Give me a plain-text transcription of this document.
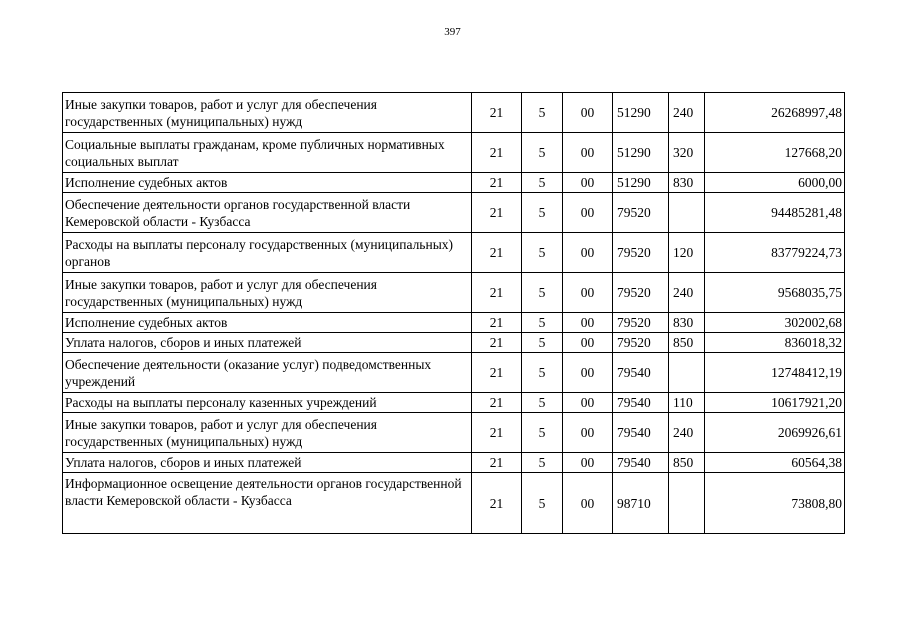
397
Иные закупки товаров, работ и услуг для обеспечения государственных (муниципальных) нужд	21	5	00	51290	240	26268997,48
Социальные выплаты гражданам, кроме публичных нормативных социальных выплат	21	5	00	51290	320	127668,20
Исполнение судебных актов	21	5	00	51290	830	6000,00
Обеспечение деятельности органов государственной власти Кемеровской области - Кузбасса	21	5	00	79520		94485281,48
Расходы на выплаты персоналу государственных (муниципальных) органов	21	5	00	79520	120	83779224,73
Иные закупки товаров, работ и услуг для обеспечения государственных (муниципальных) нужд	21	5	00	79520	240	9568035,75
Исполнение судебных актов	21	5	00	79520	830	302002,68
Уплата налогов, сборов и иных платежей	21	5	00	79520	850	836018,32
Обеспечение деятельности (оказание услуг) подведомственных учреждений	21	5	00	79540		12748412,19
Расходы на выплаты персоналу казенных учреждений	21	5	00	79540	110	10617921,20
Иные закупки товаров, работ и услуг для обеспечения государственных (муниципальных) нужд	21	5	00	79540	240	2069926,61
Уплата налогов, сборов и иных платежей	21	5	00	79540	850	60564,38
Информационное освещение деятельности органов государственной власти Кемеровской области - Кузбасса	21	5	00	98710		73808,80
